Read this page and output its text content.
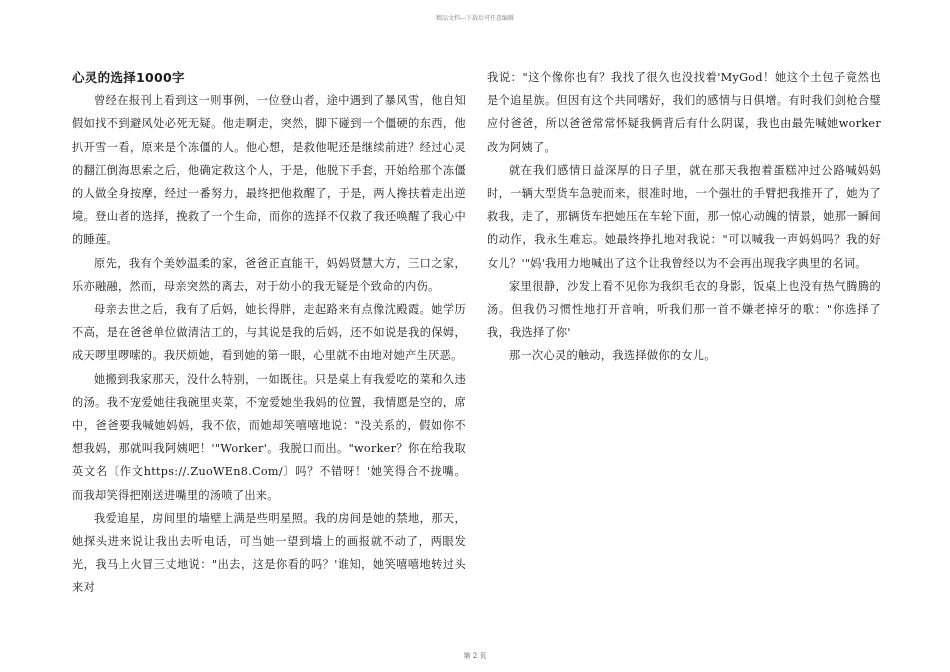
精品文档---下载后可任意编辑
心灵的选择1000字

曾经在报刊上看到这一则事例，一位登山者，途中遇到了暴风雪，他自知假如找不到避风处必死无疑。他走啊走，突然，脚下碰到一个僵硬的东西，他扒开雪一看，原来是个冻僵的人。他心想，是救他呢还是继续前进？经过心灵的翻江倒海思索之后，他确定救这个人，于是，他脱下手套，开始给那个冻僵的人做全身按摩，经过一番努力，最终把他救醒了，于是，两人搀扶着走出逆境。登山者的选择，挽救了一个生命，而你的选择不仅救了我还唤醒了我心中的睡莲。

原先，我有个美妙温柔的家，爸爸正直能干，妈妈贤慧大方，三口之家，乐亦融融，然而，母亲突然的离去，对于幼小的我无疑是个致命的内伤。

母亲去世之后，我有了后妈，她长得胖，走起路来有点像沈殿霞。她学历不高，是在爸爸单位做清洁工的，与其说是我的后妈，还不如说是我的保姆，成天啰里啰嗦的。我厌烦她，看到她的第一眼，心里就不由地对她产生厌恶。

她搬到我家那天，没什么特别，一如既往。只是桌上有我爱吃的菜和久违的汤。我不宠爱她往我碗里夹菜，不宠爱她坐我妈的位置，我情愿是空的，席中，爸爸要我喊她妈妈，我不依，而她却笑嘻嘻地说："没关系的，假如你不想我妈，那就叫我阿姨吧！'"Worker'。我脱口而出。"worker？你在给我取英文名〔作文https://.ZuoWEn8.Com/〕吗？不错呀！'她笑得合不拢嘴。而我却笑得把刚送进嘴里的汤喷了出来。

我爱追星，房间里的墙壁上满是些明星照。我的房间是她的禁地，那天，她探头进来说让我出去听电话，可当她一望到墙上的画报就不动了，两眼发光，我马上火冒三丈地说："出去，这是你看的吗？'谁知，她笑嘻嘻地转过头来对

我说："这个像你也有？我找了很久也没找着'MyGod！她这个土包子竟然也是个追星族。但因有这个共同嗜好，我们的感情与日俱增。有时我们剑枪合璧应付爸爸，所以爸爸常常怀疑我俩背后有什么阴谋，我也由最先喊她worker改为阿姨了。

就在我们感情日益深厚的日子里，就在那天我抱着蛋糕冲过公路喊妈妈时，一辆大型货车急驶而来，很准时地，一个强壮的手臂把我推开了，她为了救我，走了，那辆货车把她压在车轮下面，那一惊心动魄的情景，她那一瞬间的动作，我永生难忘。她最终挣扎地对我说："可以喊我一声妈妈吗？我的好女儿？'"妈'我用力地喊出了这个让我曾经以为不会再出现我字典里的名词。

家里很静，沙发上看不见你为我织毛衣的身影，饭桌上也没有热气腾腾的汤。但我仍习惯性地打开音响，听我们那一首不嫌老掉牙的歌："你选择了我，我选择了你'

那一次心灵的触动，我选择做你的女儿。

第 2 页
